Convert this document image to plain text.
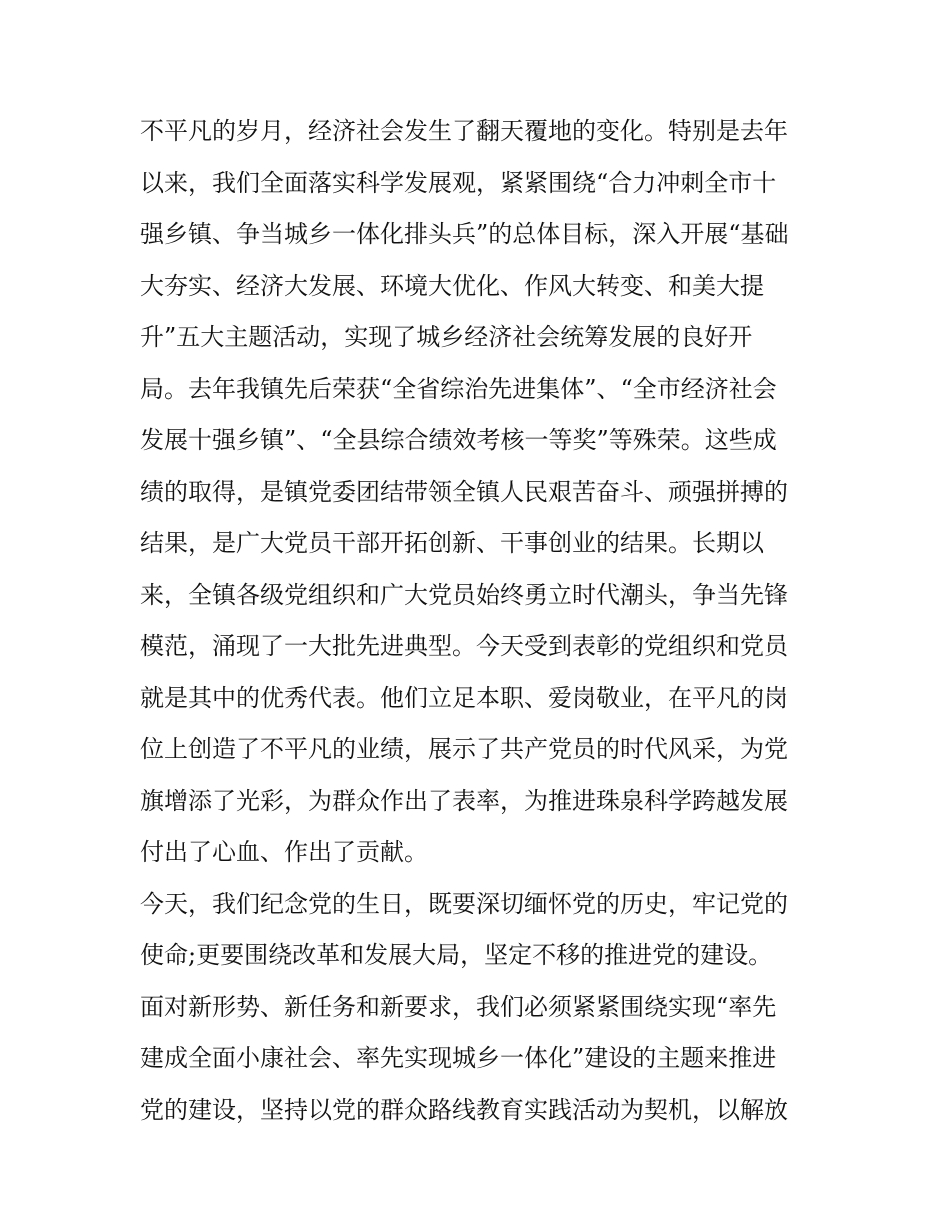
不平凡的岁月，经济社会发生了翻天覆地的变化。特别是去年
以来，我们全面落实科学发展观，紧紧围绕“合力冲刺全市十
强乡镇、争当城乡一体化排头兵”的总体目标，深入开展“基础
大夯实、经济大发展、环境大优化、作风大转变、和美大提
升”五大主题活动，实现了城乡经济社会统筹发展的良好开
局。去年我镇先后荣获“全省综治先进集体”、“全市经济社会
发展十强乡镇”、“全县综合绩效考核一等奖”等殊荣。这些成
绩的取得，是镇党委团结带领全镇人民艰苦奋斗、顽强拼搏的
结果，是广大党员干部开拓创新、干事创业的结果。长期以
来，全镇各级党组织和广大党员始终勇立时代潮头，争当先锋
模范，涌现了一大批先进典型。今天受到表彰的党组织和党员
就是其中的优秀代表。他们立足本职、爱岗敬业，在平凡的岗
位上创造了不平凡的业绩，展示了共产党员的时代风采，为党
旗增添了光彩，为群众作出了表率，为推进珠泉科学跨越发展
付出了心血、作出了贡献。
今天，我们纪念党的生日，既要深切缅怀党的历史，牢记党的
使命;更要围绕改革和发展大局，坚定不移的推进党的建设。
面对新形势、新任务和新要求，我们必须紧紧围绕实现“率先
建成全面小康社会、率先实现城乡一体化”建设的主题来推进
党的建设，坚持以党的群众路线教育实践活动为契机，以解放
